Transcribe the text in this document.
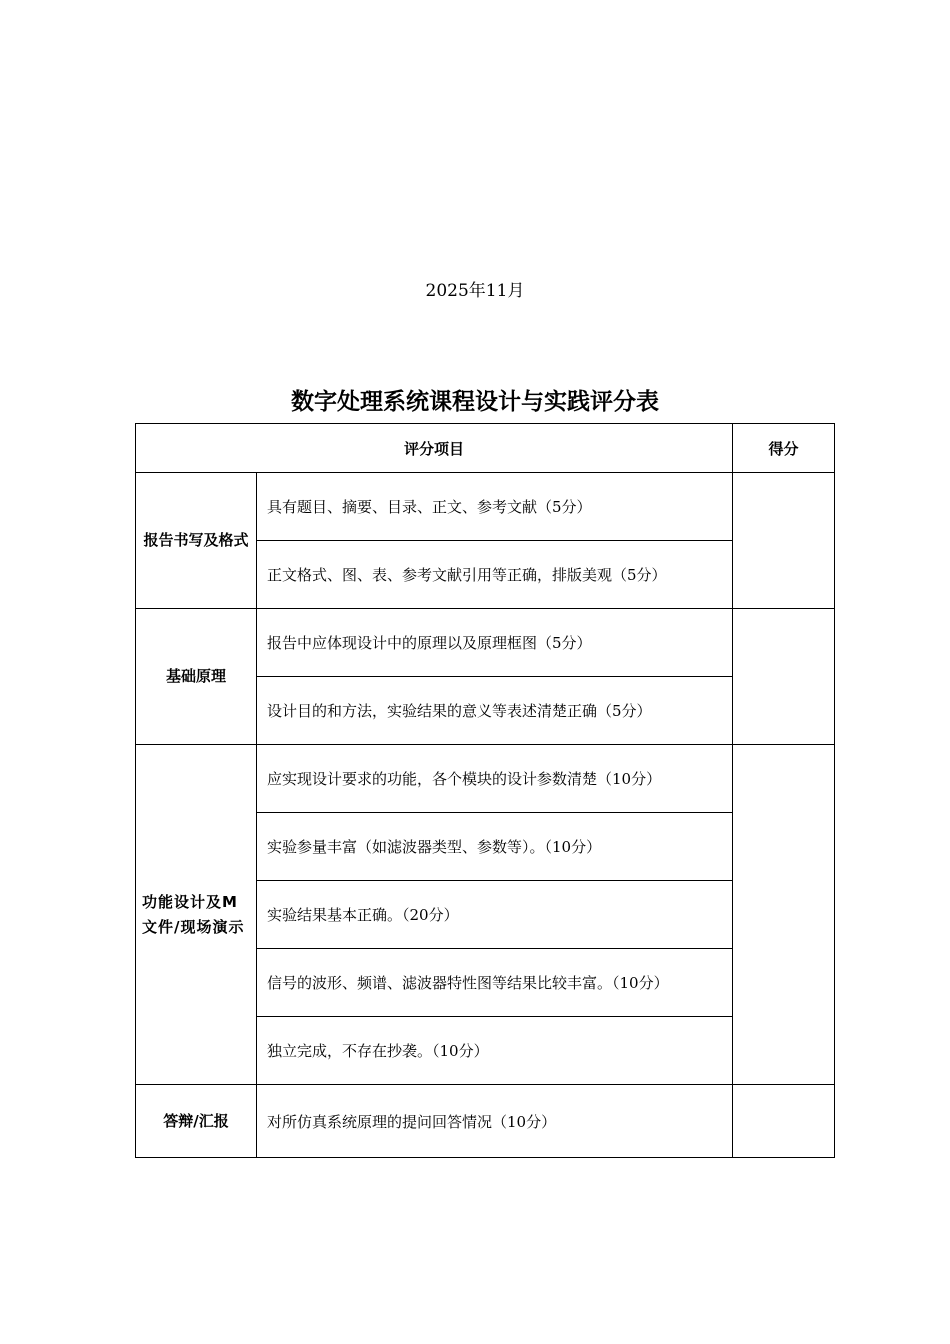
2025年11月
数字处理系统课程设计与实践评分表
评分项目		得分
报告书写及格式	具有题目、摘要、目录、正文、参考文献（5分）	
	正文格式、图、表、参考文献引用等正确，排版美观（5分）	
基础原理	报告中应体现设计中的原理以及原理框图（5分）	
	设计目的和方法，实验结果的意义等表述清楚正确（5分）	
功能设计及M文件/现场演示	应实现设计要求的功能，各个模块的设计参数清楚（10分）	
	实验参量丰富（如滤波器类型、参数等）。（10分）	
	实验结果基本正确。（20分）	
	信号的波形、频谱、滤波器特性图等结果比较丰富。（10分）	
	独立完成，不存在抄袭。（10分）	
答辩/汇报	对所仿真系统原理的提问回答情况（10分）	
